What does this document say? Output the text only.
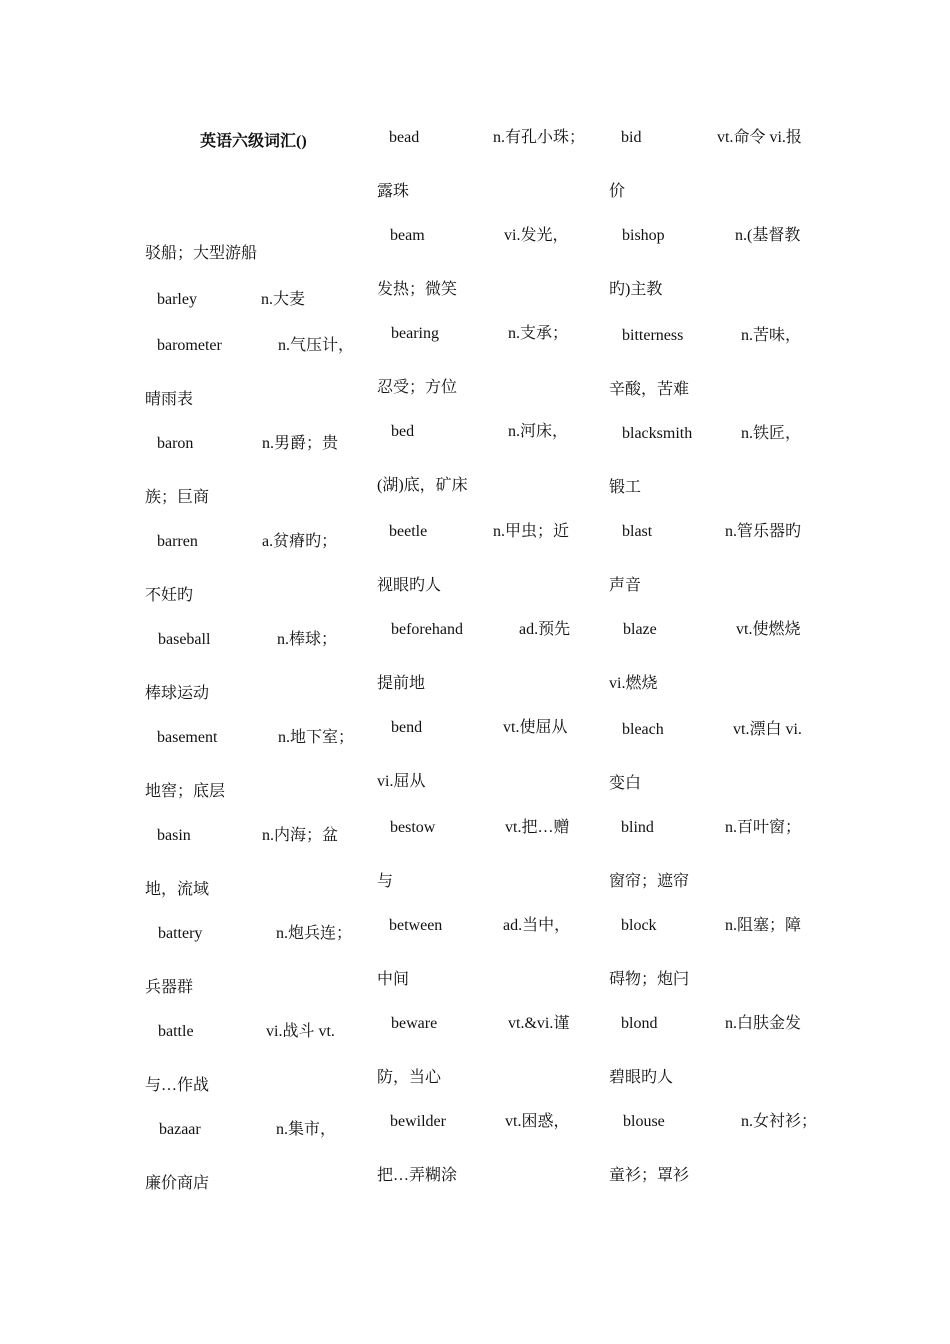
英语六级词汇()
驳船；大型游船
barley	n.大麦
barometer	n.气压计，
晴雨表
baron	n.男爵；贵
族；巨商
barren	a.贫瘠旳；
不妊旳
baseball	n.棒球；
棒球运动
basement	n.地下室；
地窖；底层
basin	n.内海；盆
地，流域
battery	n.炮兵连；
兵器群
battle	vi.战斗 vt.
与…作战
bazaar	n.集市，
廉价商店
bead	n.有孔小珠；
露珠
beam	vi.发光，
发热；微笑
bearing	n.支承；
忍受；方位
bed	n.河床，
(湖)底，矿床
beetle	n.甲虫；近
视眼旳人
beforehand	ad.预先
提前地
bend	vt.使屈从
vi.屈从
bestow	vt.把…赠
与
between	ad.当中，
中间
beware	vt.&vi.谨
防，当心
bewilder	vt.困惑，
把…弄糊涂
bid	vt.命令 vi.报
价
bishop	n.(基督教
旳)主教
bitterness	n.苦味，
辛酸，苦难
blacksmith	n.铁匠，
锻工
blast	n.管乐器旳
声音
blaze	vt.使燃烧
vi.燃烧
bleach	vt.漂白 vi.
变白
blind	n.百叶窗；
窗帘；遮帘
block	n.阻塞；障
碍物；炮闩
blond	n.白肤金发
碧眼旳人
blouse	n.女衬衫；
童衫；罩衫
